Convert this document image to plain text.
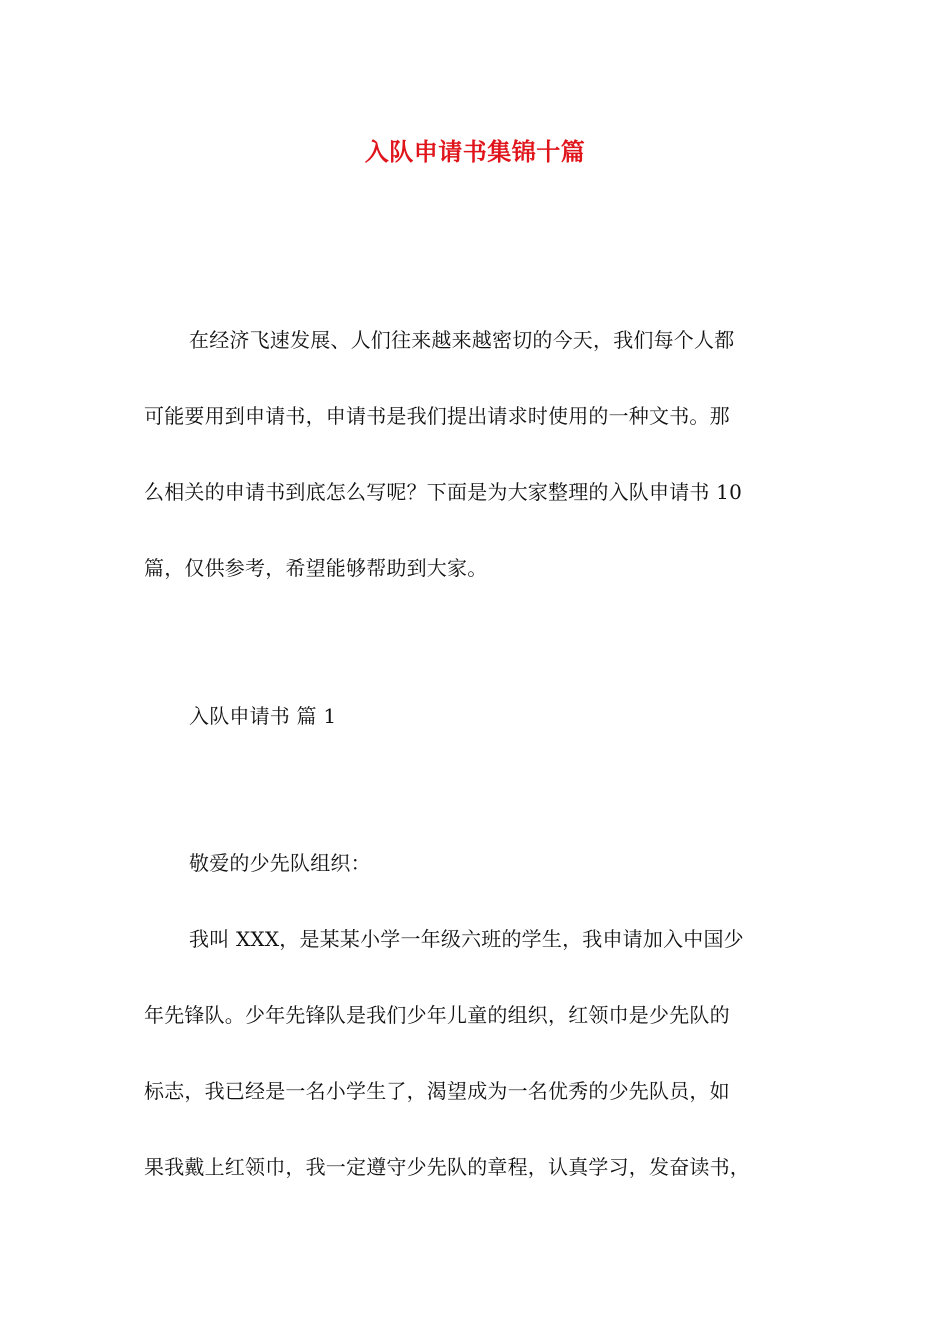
入队申请书集锦十篇
在经济飞速发展、人们往来越来越密切的今天，我们每个人都
可能要用到申请书，申请书是我们提出请求时使用的一种文书。那
么相关的申请书到底怎么写呢？下面是为大家整理的入队申请书 10
篇，仅供参考，希望能够帮助到大家。
入队申请书 篇 1
敬爱的少先队组织：
我叫 XXX，是某某小学一年级六班的学生，我申请加入中国少
年先锋队。少年先锋队是我们少年儿童的组织，红领巾是少先队的
标志，我已经是一名小学生了，渴望成为一名优秀的少先队员，如
果我戴上红领巾，我一定遵守少先队的章程，认真学习，发奋读书，
